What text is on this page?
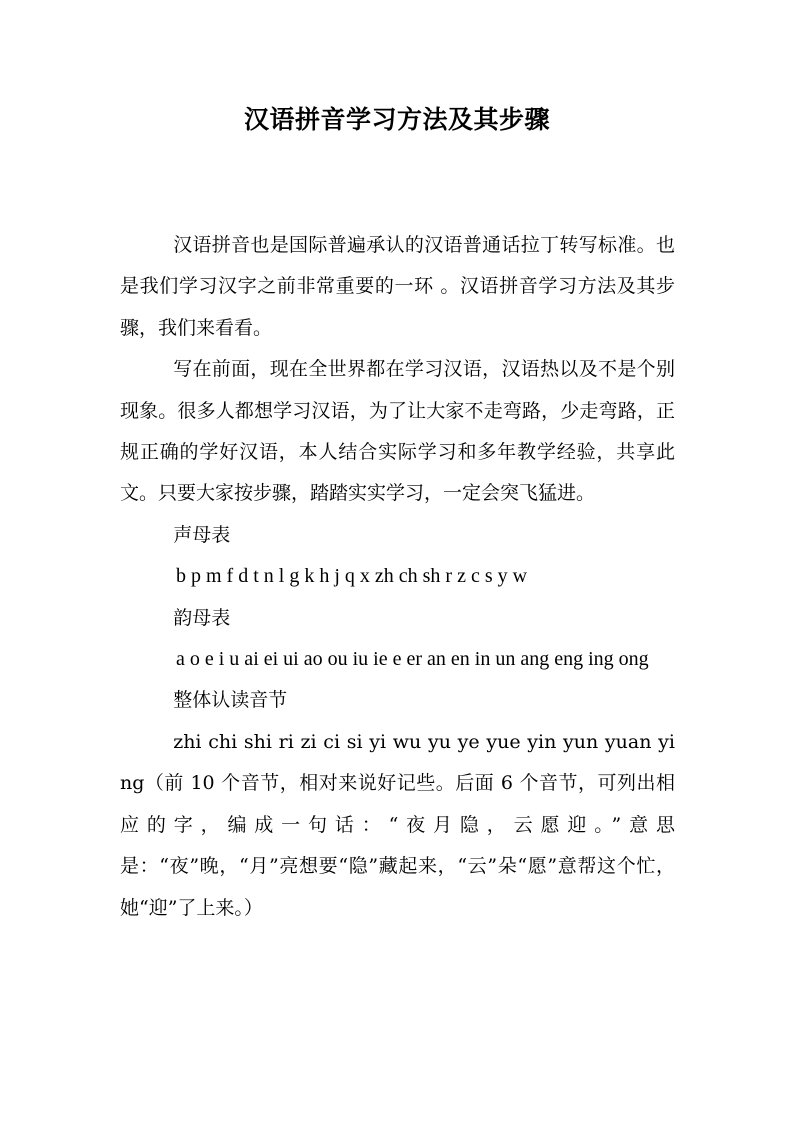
汉语拼音学习方法及其步骤

汉语拼音也是国际普遍承认的汉语普通话拉丁转写标准。也是我们学习汉字之前非常重要的一环 。汉语拼音学习方法及其步骤，我们来看看。

写在前面，现在全世界都在学习汉语，汉语热以及不是个别现象。很多人都想学习汉语，为了让大家不走弯路，少走弯路，正规正确的学好汉语，本人结合实际学习和多年教学经验，共享此文。只要大家按步骤，踏踏实实学习，一定会突飞猛进。

声母表

b p m f d t n l g k h j q x zh ch sh r z c s y w

韵母表

a o e i u ai ei ui ao ou iu ie e er an en in un ang eng ing ong

整体认读音节

zhi chi shi ri zi ci si yi wu yu ye yue yin yun yuan ying（前 10 个音节，相对来说好记些。后面 6 个音节，可列出相应的字，编成一句话：“夜月隐，云愿迎。”意思是：“夜”晚，“月”亮想要“隐”藏起来，“云”朵“愿”意帮这个忙，她“迎”了上来。）
